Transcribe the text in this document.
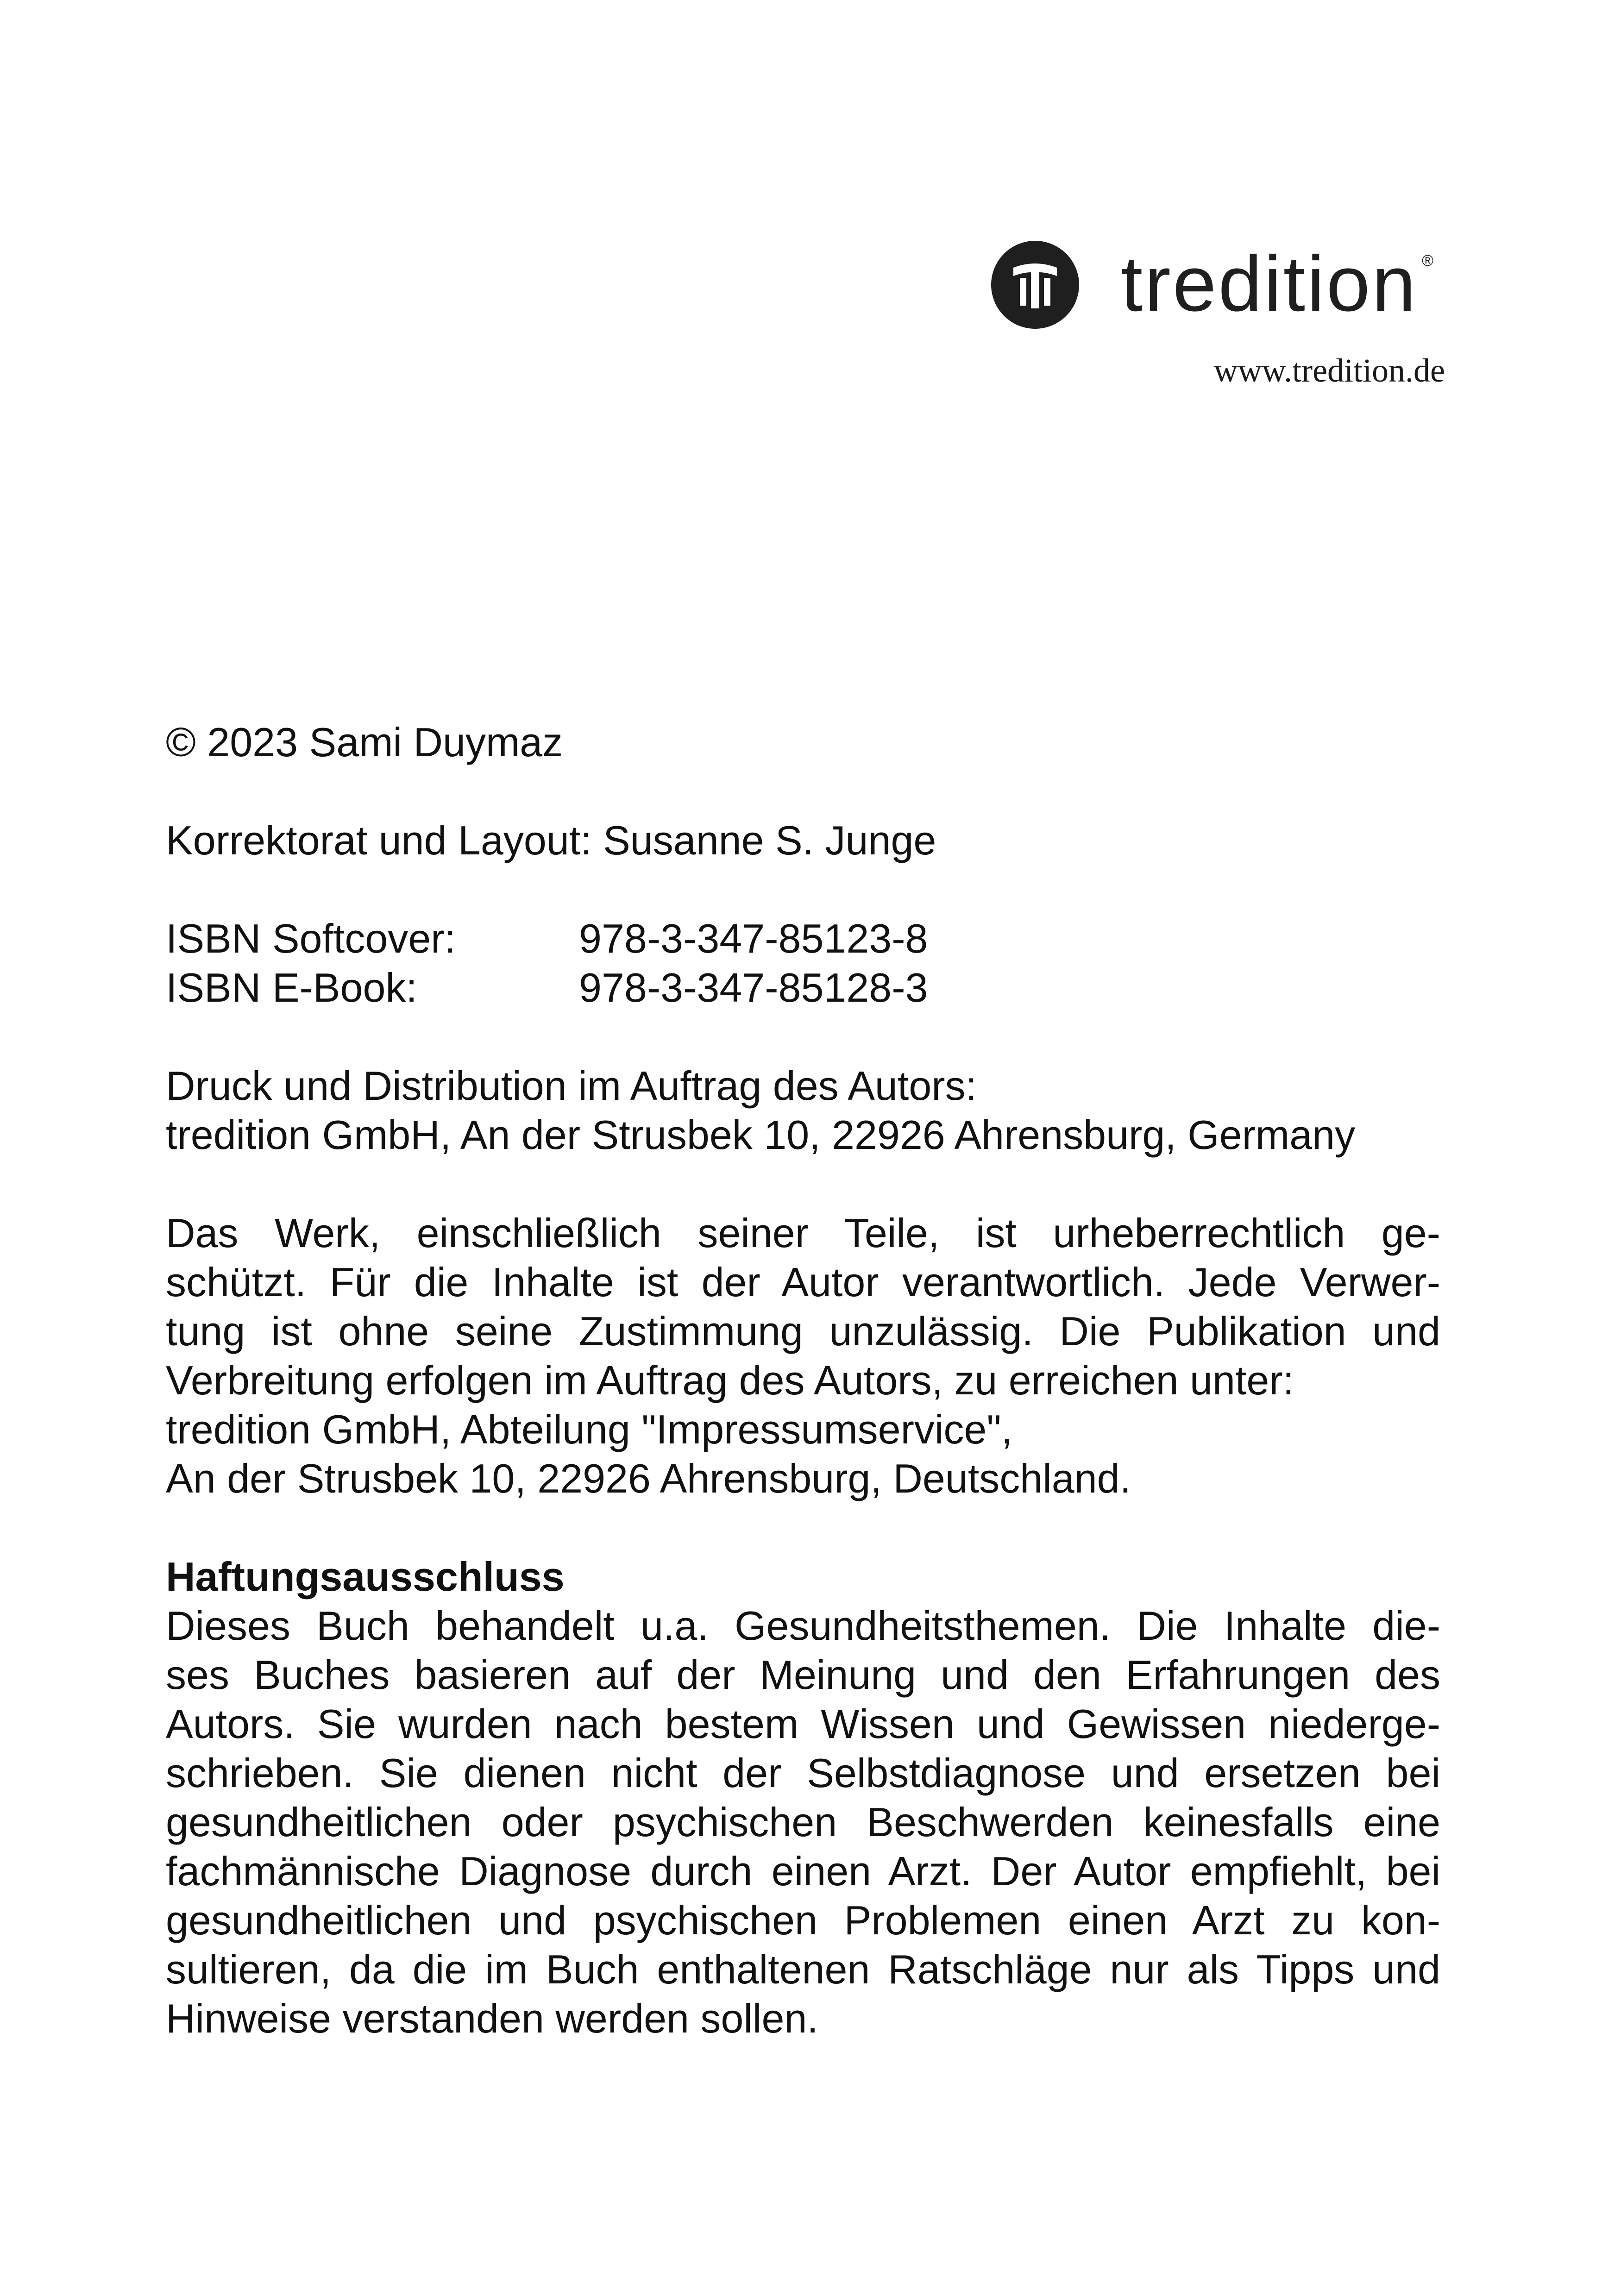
tredition ®
www.tredition.de
© 2023 Sami Duymaz
Korrektorat und Layout: Susanne S. Junge
ISBN Softcover:	978-3-347-85123-8
ISBN E-Book:	978-3-347-85128-3
Druck und Distribution im Auftrag des Autors:
tredition GmbH, An der Strusbek 10, 22926 Ahrensburg, Germany
Das Werk, einschließlich seiner Teile, ist urheberrechtlich ge-
schützt. Für die Inhalte ist der Autor verantwortlich. Jede Verwer-
tung ist ohne seine Zustimmung unzulässig. Die Publikation und
Verbreitung erfolgen im Auftrag des Autors, zu erreichen unter:
tredition GmbH, Abteilung "Impressumservice",
An der Strusbek 10, 22926 Ahrensburg, Deutschland.
Haftungsausschluss
Dieses Buch behandelt u.a. Gesundheitsthemen. Die Inhalte die-
ses Buches basieren auf der Meinung und den Erfahrungen des
Autors. Sie wurden nach bestem Wissen und Gewissen niederge-
schrieben. Sie dienen nicht der Selbstdiagnose und ersetzen bei
gesundheitlichen oder psychischen Beschwerden keinesfalls eine
fachmännische Diagnose durch einen Arzt. Der Autor empfiehlt, bei
gesundheitlichen und psychischen Problemen einen Arzt zu kon-
sultieren, da die im Buch enthaltenen Ratschläge nur als Tipps und
Hinweise verstanden werden sollen.
